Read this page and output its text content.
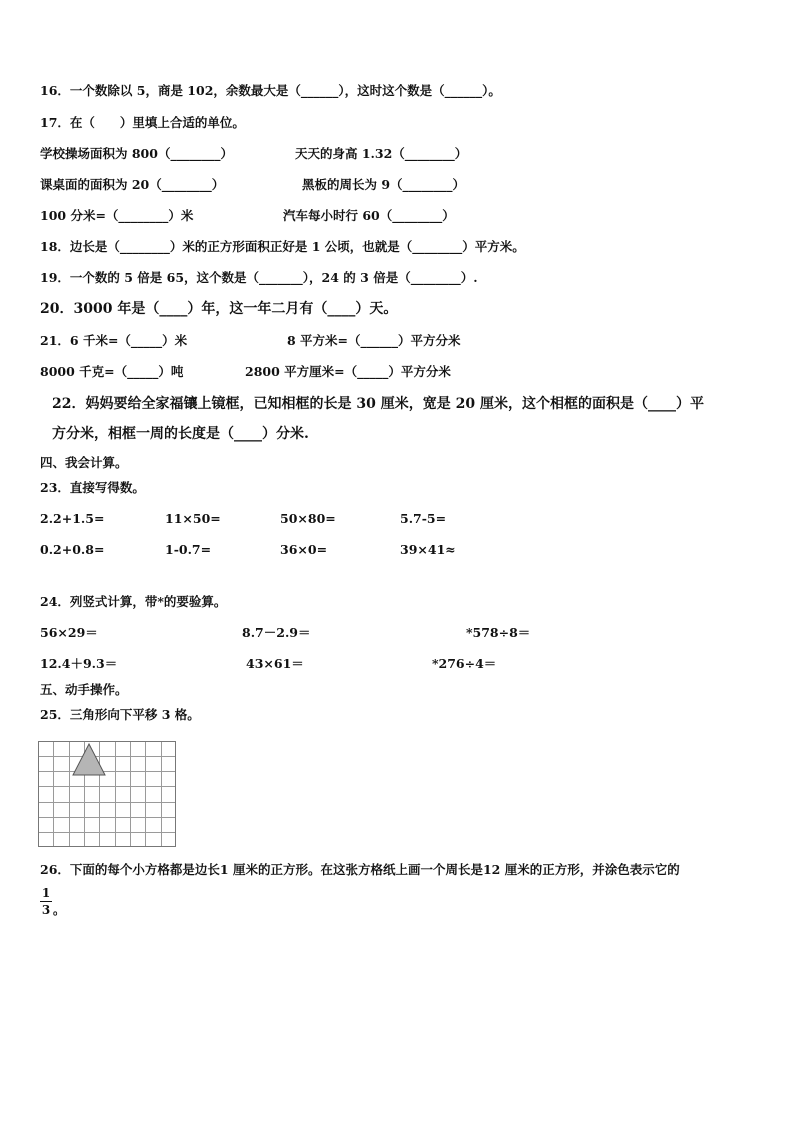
16．一个数除以 5，商是 102，余数最大是（______），这时这个数是（______）。
17．在（　　）里填上合适的单位。
学校操场面积为 800（________）	天天的身高 1.32（________）
课桌面的面积为 20（________）	黑板的周长为 9（________）
100 分米=（________）米	汽车每小时行 60（________）
18．边长是（________）米的正方形面积正好是 1 公顷，也就是（________）平方米。
19．一个数的 5 倍是 65，这个数是（_______），24 的 3 倍是（________）.
20．3000 年是（____）年，这一年二月有（____）天。
21．6 千米=（_____）米	8 平方米=（______）平方分米
8000 千克=（_____）吨	2800 平方厘米=（_____）平方分米
22．妈妈要给全家福镶上镜框，已知相框的长是 30 厘米，宽是 20 厘米，这个相框的面积是（____）平
方分米，相框一周的长度是（____）分米.
四、我会计算。
23．直接写得数。
2.2+1.5=	11×50=	50×80=	5.7-5=
0.2+0.8=	1-0.7=	36×0=	39×41≈
24．列竖式计算，带*的要验算。
56×29＝	8.7－2.9＝	*578÷8＝
12.4＋9.3＝	43×61＝	*276÷4＝
五、动手操作。
25．三角形向下平移 3 格。
26．下面的每个小方格都是边长1 厘米的正方形。在这张方格纸上画一个周长是12 厘米的正方形，并涂色表示它的
1
3 。
